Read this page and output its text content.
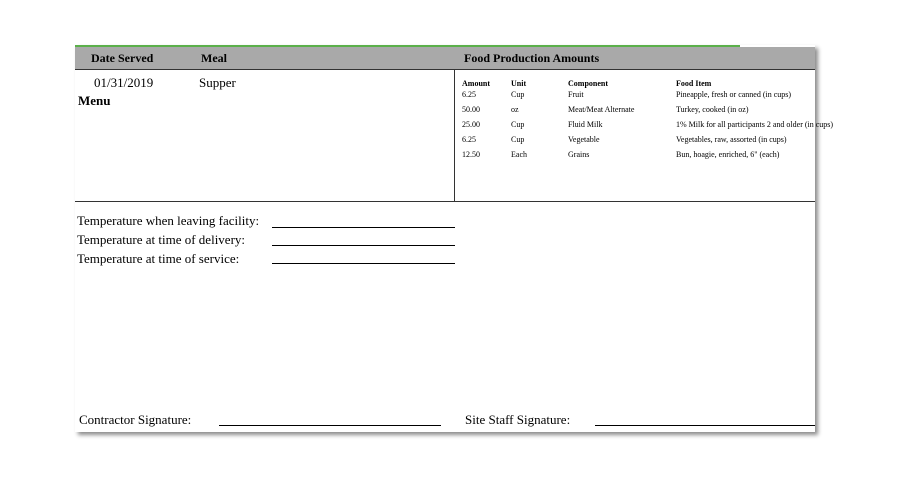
Date Served	Meal	Food Production Amounts
01/31/2019	Supper
Menu
Amount	Unit	Component	Food Item
6.25	Cup	Fruit	Pineapple, fresh or canned (in cups)
50.00	oz	Meat/Meat Alternate	Turkey, cooked (in oz)
25.00	Cup	Fluid Milk	1% Milk for all participants 2 and older (in cups)
6.25	Cup	Vegetable	Vegetables, raw, assorted (in cups)
12.50	Each	Grains	Bun, hoagie, enriched, 6" (each)
Temperature when leaving facility:
Temperature at time of delivery:
Temperature at time of service:
Contractor Signature:	Site Staff Signature:
